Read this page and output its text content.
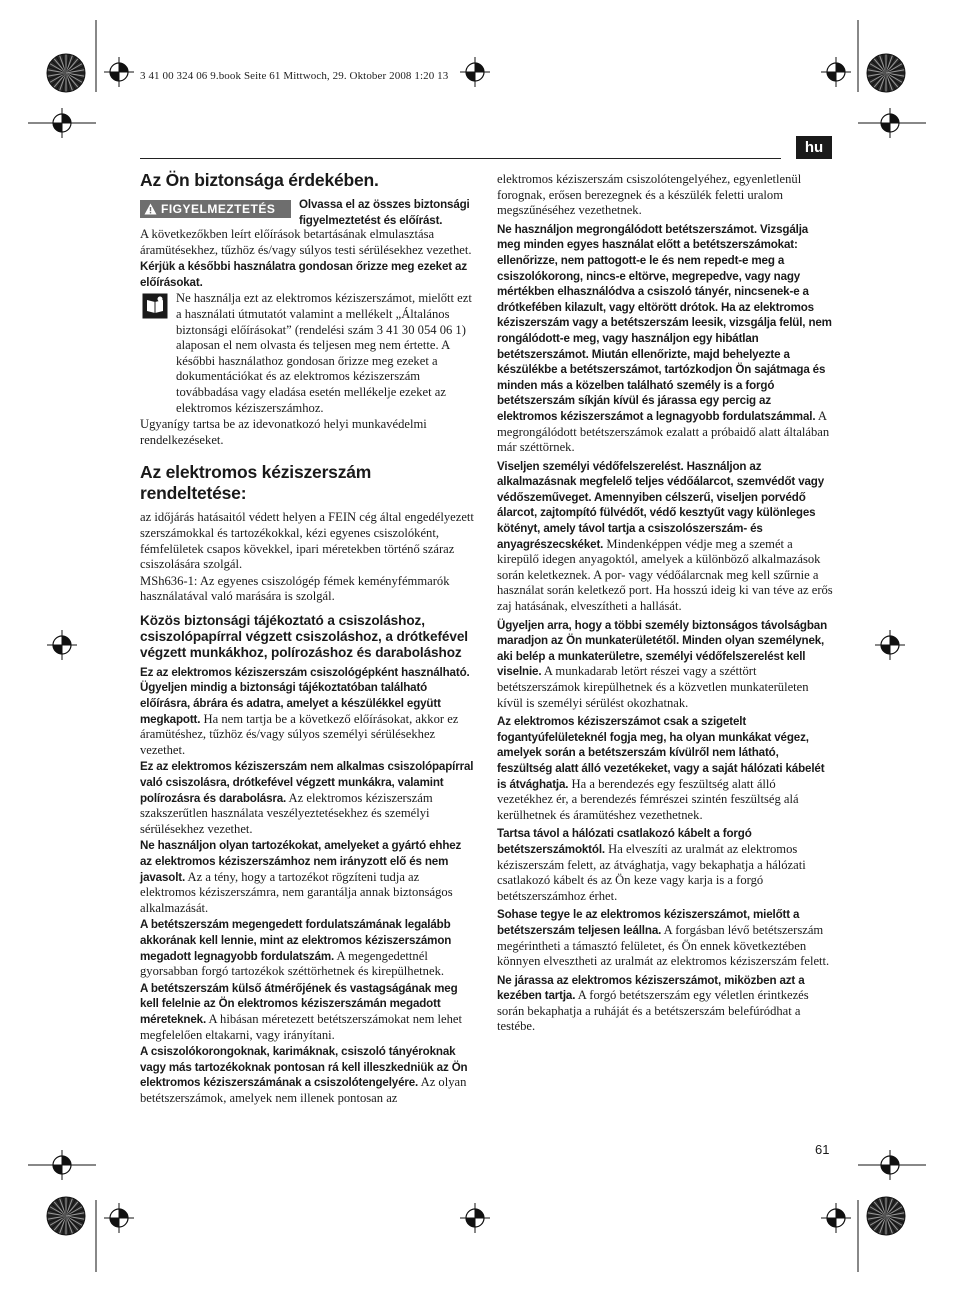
3 41 00 324 06 9.book Seite 61 Mittwoch, 29. Oktober 2008 1:20 13
hu
Az Ön biztonsága érdekében.
FIGYELMEZTETÉS	Olvassa el az összes biztonsági figyelmeztetést és előírást.

A következőkben leírt előírások betartásának elmulasztása áramütésekhez, tűzhöz és/vagy súlyos testi sérülésekhez vezethet.

Kérjük a későbbi használatra gondosan őrizze meg ezeket az előírásokat.

Ne használja ezt az elektromos kéziszerszámot, mielőtt ezt a használati útmutatót valamint a mellékelt „Általános biztonsági előírásokat” (rendelési szám 3 41 30 054 06 1) alaposan el nem olvasta és teljesen meg nem értette. A későbbi használathoz gondosan őrizze meg ezeket a dokumentációkat és az elektromos kéziszerszám továbbadása vagy eladása esetén mellékelje ezeket az elektromos kéziszerszámhoz.

Ugyanígy tartsa be az idevonatkozó helyi munkavédelmi rendelkezéseket.

Az elektromos kéziszerszám rendeltetése:

az időjárás hatásaitól védett helyen a FEIN cég által engedélyezett szerszámokkal és tartozékokkal, kézi egyenes csiszolóként, fémfelületek csapos kövekkel, ipari méretekben történő száraz csiszolására szolgál.

MSh636-1: Az egyenes csiszológép fémek keményfémmarók használatával való marására is szolgál.

Közös biztonsági tájékoztató a csiszoláshoz, csiszolópapírral végzett csiszoláshoz, a drótkefével végzett munkákhoz, polírozáshoz és daraboláshoz

Ez az elektromos kéziszerszám csiszológépként használható. Ügyeljen mindig a biztonsági tájékoztatóban található előírásra, ábrára és adatra, amelyet a készülékkel együtt megkapott. Ha nem tartja be a következő előírásokat, akkor ez áramütéshez, tűzhöz és/vagy súlyos személyi sérülésekhez vezethet.

Ez az elektromos kéziszerszám nem alkalmas csiszolópapírral való csiszolásra, drótkefével végzett munkákra, valamint polírozásra és darabolásra. Az elektromos kéziszerszám szakszerűtlen használata veszélyeztetésekhez és személyi sérülésekhez vezethet.

Ne használjon olyan tartozékokat, amelyeket a gyártó ehhez az elektromos kéziszerszámhoz nem irányzott elő és nem javasolt. Az a tény, hogy a tartozékot rögzíteni tudja az elektromos kéziszerszámra, nem garantálja annak biztonságos alkalmazását.

A betétszerszám megengedett fordulatszámának legalább akkorának kell lennie, mint az elektromos kéziszerszámon megadott legnagyobb fordulatszám. A megengedettnél gyorsabban forgó tartozékok széttörhetnek és kirepülhetnek.

A betétszerszám külső átmérőjének és vastagságának meg kell felelnie az Ön elektromos kéziszerszámán megadott méreteknek. A hibásan méretezett betétszerszámokat nem lehet megfelelően eltakarni, vagy irányítani.

A csiszolókorongoknak, karimáknak, csiszoló tányéroknak vagy más tartozékoknak pontosan rá kell illeszkedniük az Ön elektromos kéziszerszámának a csiszolótengelyére. Az olyan betétszerszámok, amelyek nem illenek pontosan az

elektromos kéziszerszám csiszolótengelyéhez, egyenletlenül forognak, erősen berezegnek és a készülék feletti uralom megszűnéséhez vezethetnek.

Ne használjon megrongálódott betétszerszámot. Vizsgálja meg minden egyes használat előtt a betétszerszámokat: ellenőrizze, nem pattogott-e le és nem repedt-e meg a csiszolókorong, nincs-e eltörve, megrepedve, vagy nagy mértékben elhasználódva a csiszoló tányér, nincsenek-e a drótkefében kilazult, vagy eltörött drótok. Ha az elektromos kéziszerszám vagy a betétszerszám leesik, vizsgálja felül, nem rongálódott-e meg, vagy használjon egy hibátlan betétszerszámot. Miután ellenőrizte, majd behelyezte a készülékbe a betétszerszámot, tartózkodjon Ön sajátmaga és minden más a közelben található személy is a forgó betétszerszám síkján kívül és járassa egy percig az elektromos kéziszerszámot a legnagyobb fordulatszámmal. A megrongálódott betétszerszámok ezalatt a próbaidő alatt általában már széttörnek.

Viseljen személyi védőfelszerelést. Használjon az alkalmazásnak megfelelő teljes védőálarcot, szemvédőt vagy védőszeműveget. Amennyiben célszerű, viseljen porvédő álarcot, zajtompító fülvédőt, védő kesztyűt vagy különleges kötényt, amely távol tartja a csiszolószerszám- és anyagrészecskéket. Mindenképpen védje meg a szemét a kirepülő idegen anyagoktól, amelyek a különböző alkalmazások során keletkeznek. A por- vagy védőálarcnak meg kell szűrnie a használat során keletkező port. Ha hosszú ideig ki van téve az erős zaj hatásának, elveszítheti a hallását.

Ügyeljen arra, hogy a többi személy biztonságos távolságban maradjon az Ön munkaterületétől. Minden olyan személynek, aki belép a munkaterületre, személyi védőfelszerelést kell viselnie. A munkadarab letört részei vagy a széttört betétszerszámok kirepülhetnek és a közvetlen munkaterületen kívül is személyi sérülést okozhatnak.

Az elektromos kéziszerszámot csak a szigetelt fogantyúfelületeknél fogja meg, ha olyan munkákat végez, amelyek során a betétszerszám kívülről nem látható, feszültség alatt álló vezetékeket, vagy a saját hálózati kábelét is átvághatja. Ha a berendezés egy feszültség alatt álló vezetékhez ér, a berendezés fémrészei szintén feszültség alá kerülhetnek és áramütéshez vezethetnek.

Tartsa távol a hálózati csatlakozó kábelt a forgó betétszerszámoktól. Ha elveszíti az uralmát az elektromos kéziszerszám felett, az átvághatja, vagy bekaphatja a hálózati csatlakozó kábelt és az Ön keze vagy karja is a forgó betétszerszámhoz érhet.

Sohase tegye le az elektromos kéziszerszámot, mielőtt a betétszerszám teljesen leállna. A forgásban lévő betétszerszám megérintheti a támasztó felületet, és Ön ennek következtében könnyen elvesztheti az uralmát az elektromos kéziszerszám felett.

Ne járassa az elektromos kéziszerszámot, miközben azt a kezében tartja. A forgó betétszerszám egy véletlen érintkezés során bekaphatja a ruháját és a betétszerszám belefúródhat a testébe.

61
